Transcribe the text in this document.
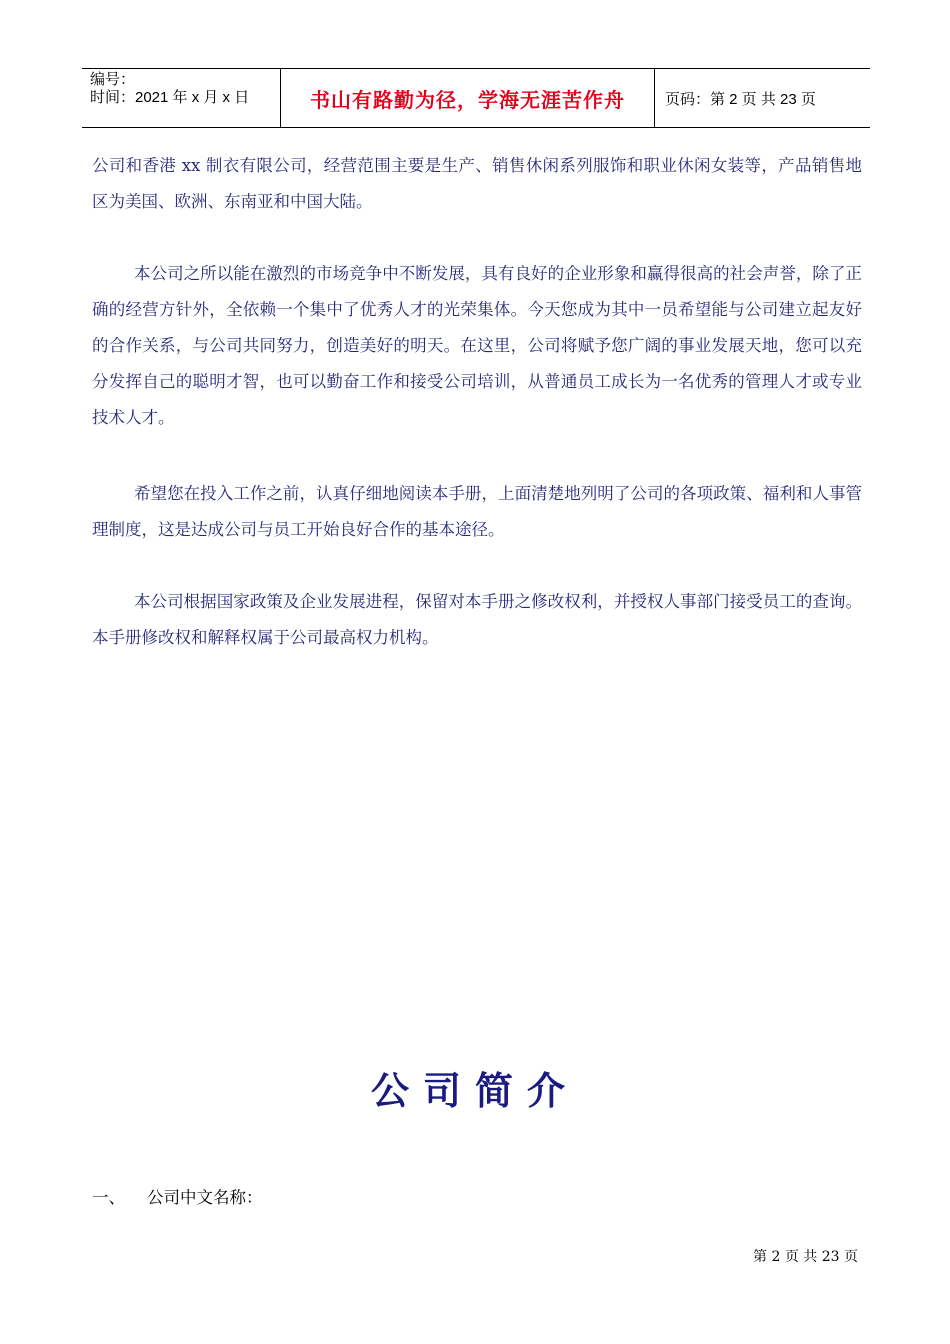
编号：
时间：2021 年 x 月 x 日	书山有路勤为径，学海无涯苦作舟	页码：第 2 页 共 23 页

公司和香港 xx 制衣有限公司，经营范围主要是生产、销售休闲系列服饰和职业休闲女装等，产品销售地区为美国、欧洲、东南亚和中国大陆。

本公司之所以能在激烈的市场竞争中不断发展，具有良好的企业形象和赢得很高的社会声誉，除了正确的经营方针外，全依赖一个集中了优秀人才的光荣集体。今天您成为其中一员希望能与公司建立起友好的合作关系，与公司共同努力，创造美好的明天。在这里，公司将赋予您广阔的事业发展天地，您可以充分发挥自己的聪明才智，也可以勤奋工作和接受公司培训，从普通员工成长为一名优秀的管理人才或专业技术人才。

希望您在投入工作之前，认真仔细地阅读本手册，上面清楚地列明了公司的各项政策、福利和人事管理制度，这是达成公司与员工开始良好合作的基本途径。

本公司根据国家政策及企业发展进程，保留对本手册之修改权利，并授权人事部门接受员工的查询。本手册修改权和解释权属于公司最高权力机构。

公司简介

一、 公司中文名称：

第 2 页 共 23 页
